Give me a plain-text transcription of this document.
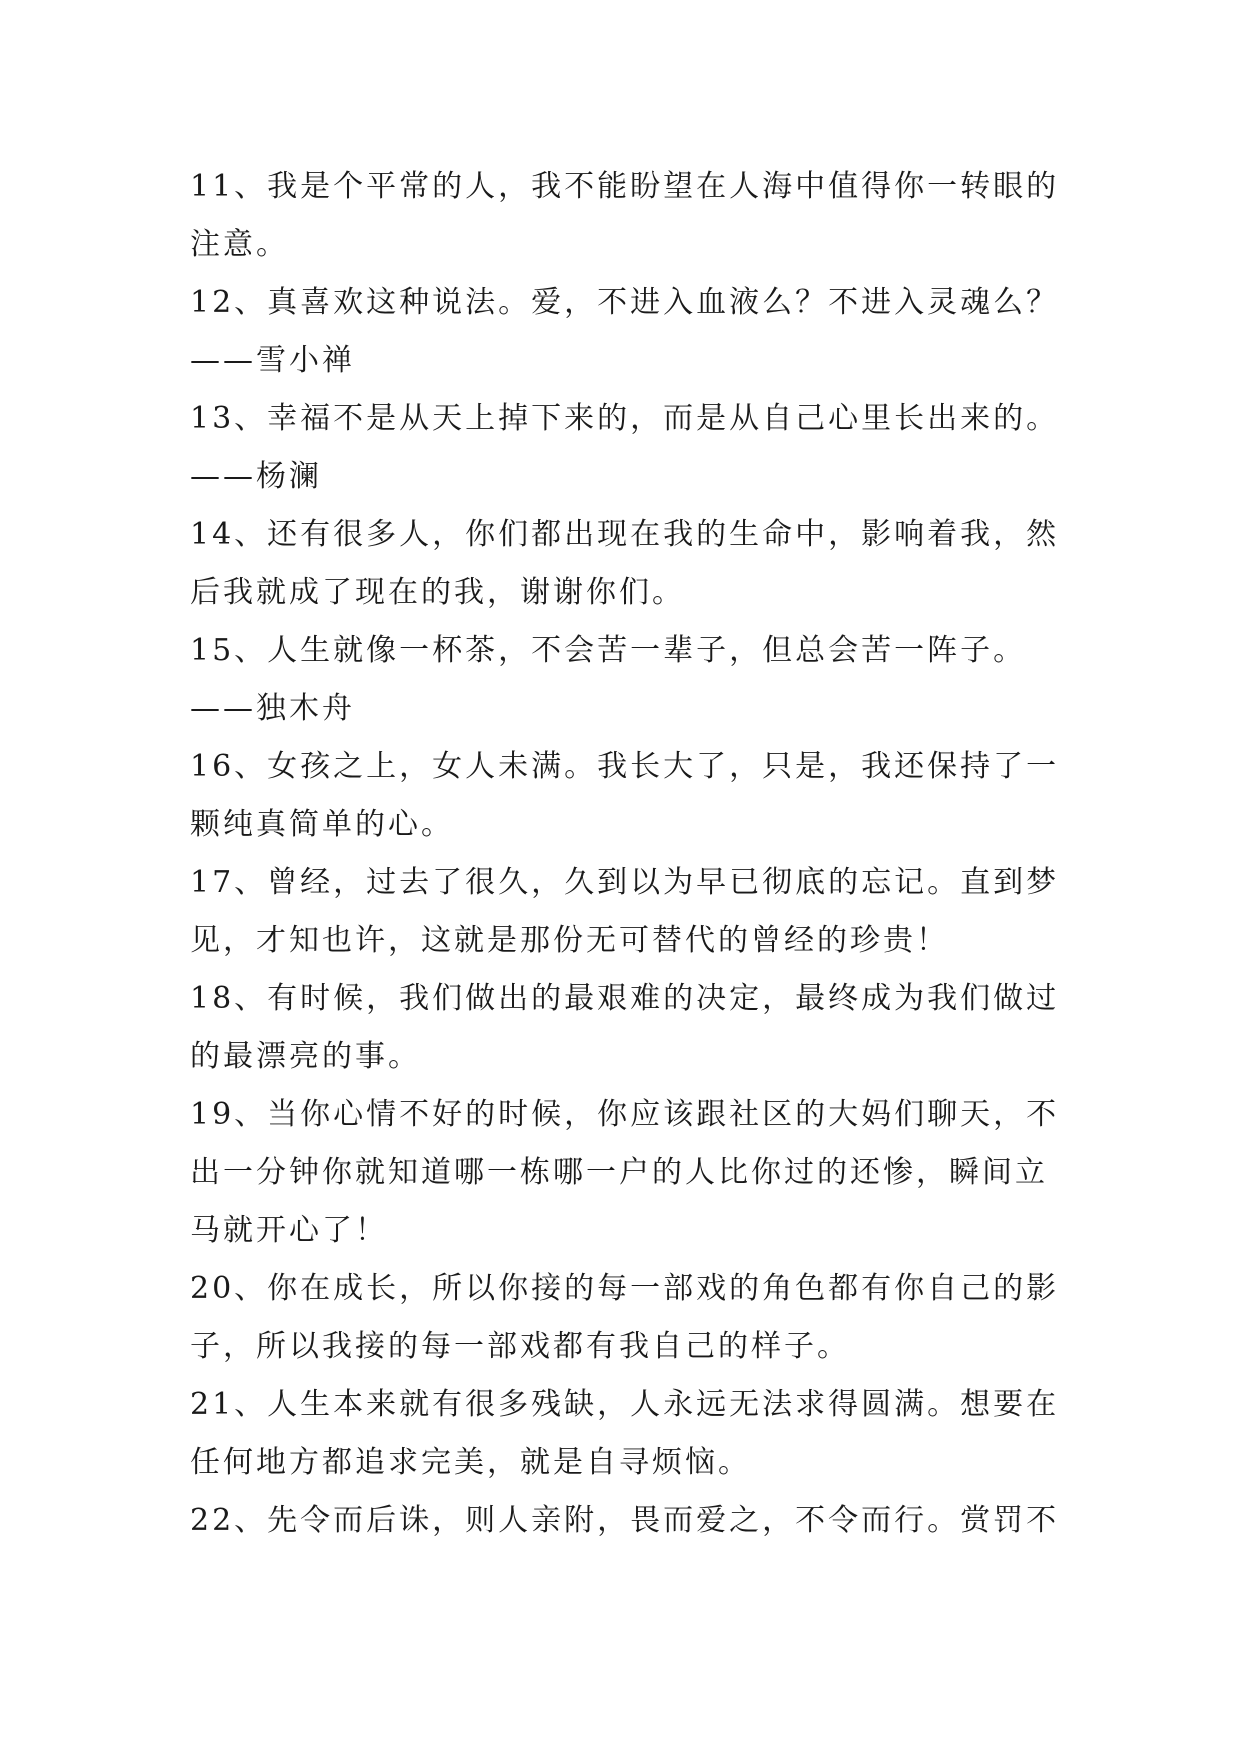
11、我是个平常的人，我不能盼望在人海中值得你一转眼的
注意。
12、真喜欢这种说法。爱，不进入血液么？不进入灵魂么？
——雪小禅
13、幸福不是从天上掉下来的，而是从自己心里长出来的。
——杨澜
14、还有很多人，你们都出现在我的生命中，影响着我，然
后我就成了现在的我，谢谢你们。
15、人生就像一杯茶，不会苦一辈子，但总会苦一阵子。
——独木舟
16、女孩之上，女人未满。我长大了，只是，我还保持了一
颗纯真简单的心。
17、曾经，过去了很久，久到以为早已彻底的忘记。直到梦
见，才知也许，这就是那份无可替代的曾经的珍贵！
18、有时候，我们做出的最艰难的决定，最终成为我们做过
的最漂亮的事。
19、当你心情不好的时候，你应该跟社区的大妈们聊天，不
出一分钟你就知道哪一栋哪一户的人比你过的还惨，瞬间立
马就开心了！
20、你在成长，所以你接的每一部戏的角色都有你自己的影
子，所以我接的每一部戏都有我自己的样子。
21、人生本来就有很多残缺，人永远无法求得圆满。想要在
任何地方都追求完美，就是自寻烦恼。
22、先令而后诛，则人亲附，畏而爱之，不令而行。赏罚不
